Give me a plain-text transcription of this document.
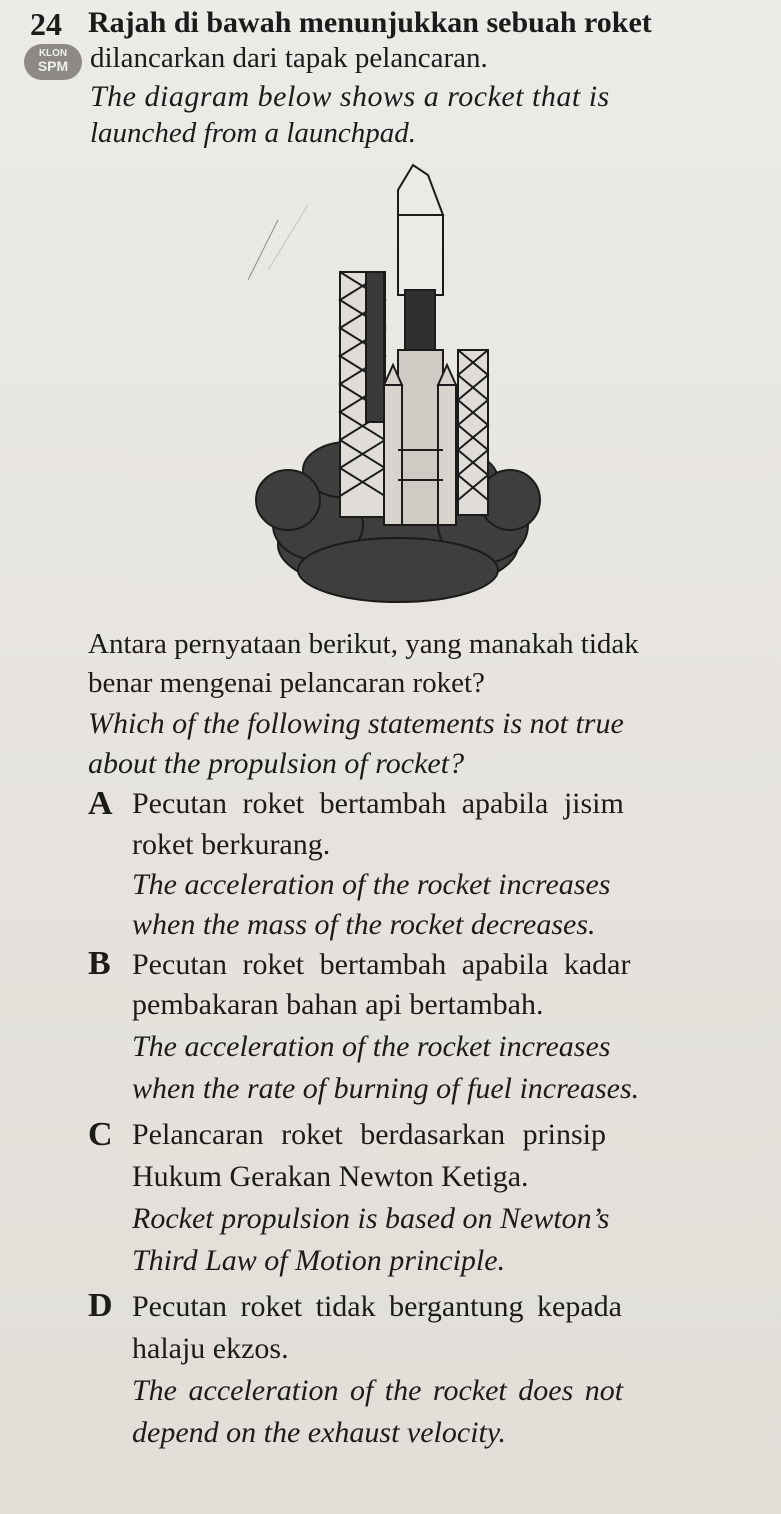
24 Rajah di bawah menunjukkan sebuah roket
KLON
SPM dilancarkan dari tapak pelancaran.
The diagram below shows a rocket that is
launched from a launchpad.
Antara pernyataan berikut, yang manakah tidak
benar mengenai pelancaran roket?
Which of the following statements is not true
about the propulsion of rocket?
A Pecutan roket bertambah apabila jisim
roket berkurang.
The acceleration of the rocket increases
when the mass of the rocket decreases.
B Pecutan roket bertambah apabila kadar
pembakaran bahan api bertambah.
The acceleration of the rocket increases
when the rate of burning of fuel increases.
C Pelancaran roket berdasarkan prinsip
Hukum Gerakan Newton Ketiga.
Rocket propulsion is based on Newton’s
Third Law of Motion principle.
D Pecutan roket tidak bergantung kepada
halaju ekzos.
The acceleration of the rocket does not
depend on the exhaust velocity.
